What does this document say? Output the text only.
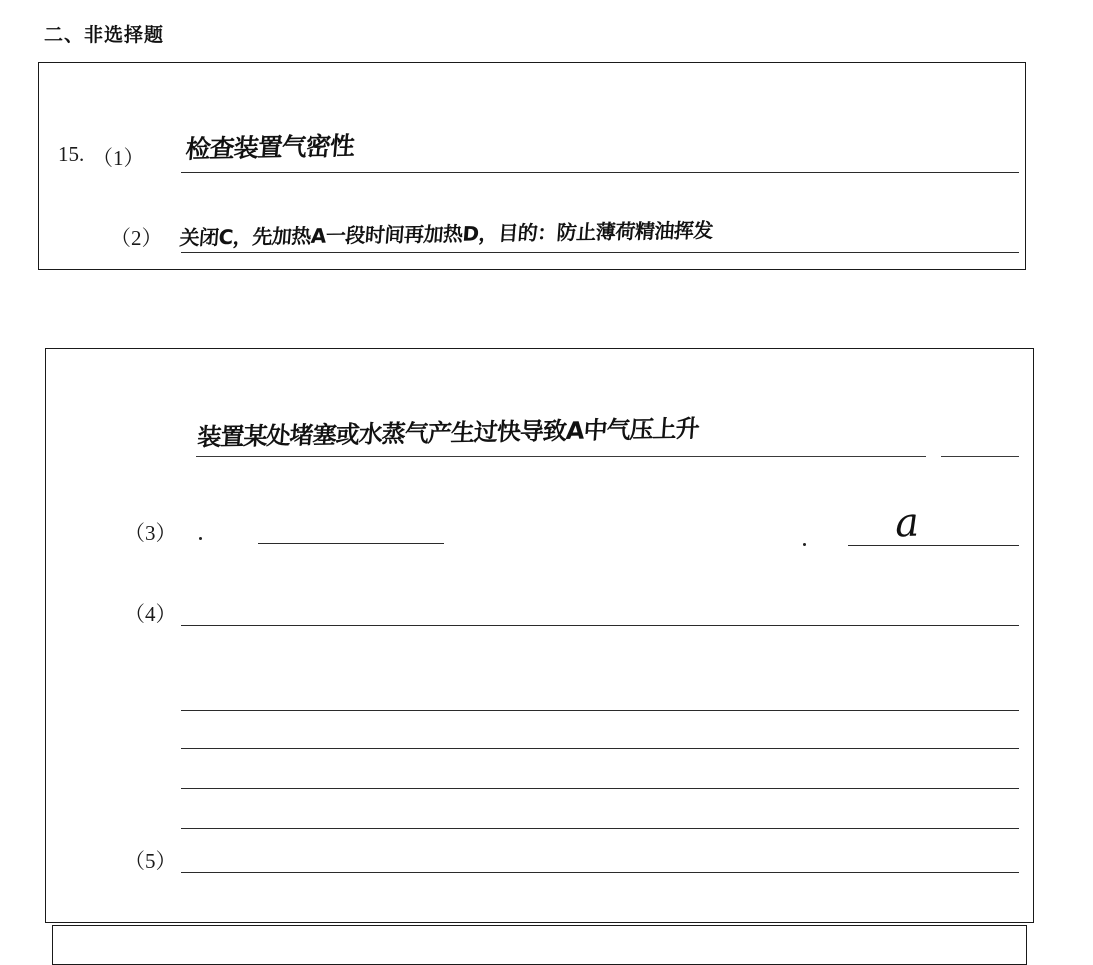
二、非选择题
15. （1） 检查装置气密性
（2） 关闭C，先加热A一段时间再加热D，目的：防止薄荷精油挥发
装置某处堵塞或水蒸气产生过快导致A中气压上升
（3）	a
（4）
（5）
